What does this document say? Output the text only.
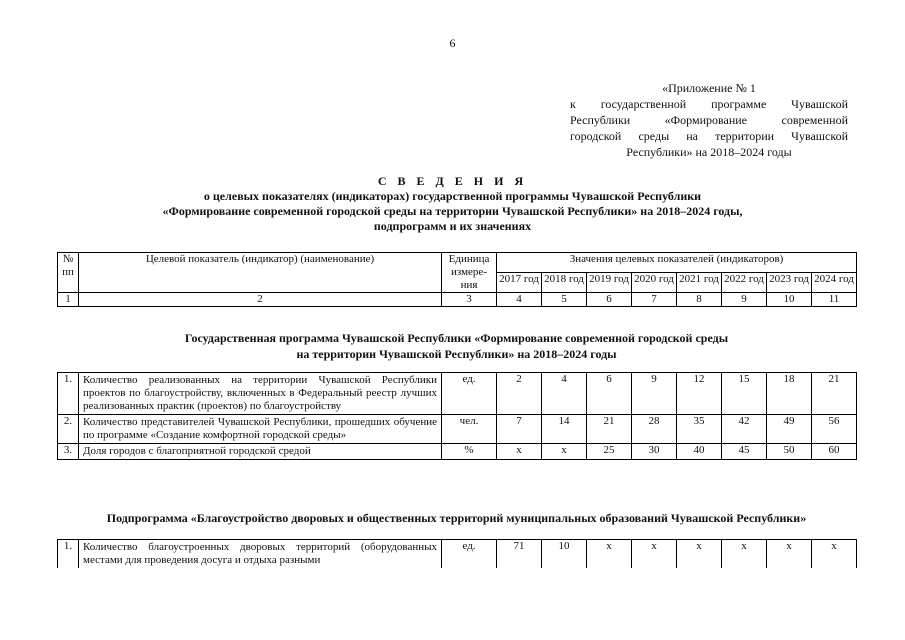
6
«Приложение № 1
к государственной программе Чувашской
Республики «Формирование современной
городской среды на территории Чувашской
Республики» на 2018–2024 годы
С В Е Д Е Н И Я
о целевых показателях (индикаторах) государственной программы Чувашской Республики
«Формирование современной городской среды на территории Чувашской Республики» на 2018–2024 годы,
подпрограмм и их значениях
№ пп	Целевой показатель (индикатор) (наименование)	Единица измере-ния	Значения целевых показателей (индикаторов)							
			2017 год	2018 год	2019 год	2020 год	2021 год	2022 год	2023 год	2024 год
1	2	3	4	5	6	7	8	9	10	11
Государственная программа Чувашской Республики «Формирование современной городской среды
на территории Чувашской Республики» на 2018–2024 годы
1.	Количество реализованных на территории Чувашской Республики проектов по благоустройству, включенных в Федеральный реестр лучших реализованных практик (проектов) по благоустройству	ед.	2	4	6	9	12	15	18	21
2.	Количество представителей Чувашской Республики, прошедших обучение по программе «Создание комфортной городской среды»	чел.	7	14	21	28	35	42	49	56
3.	Доля городов с благоприятной городской средой	%	x	x	25	30	40	45	50	60
Подпрограмма «Благоустройство дворовых и общественных территорий муниципальных образований Чувашской Республики»
1.	Количество благоустроенных дворовых территорий (оборудованных местами для проведения досуга и отдыха разными	ед.	71	10	x	x	x	x	x	x
